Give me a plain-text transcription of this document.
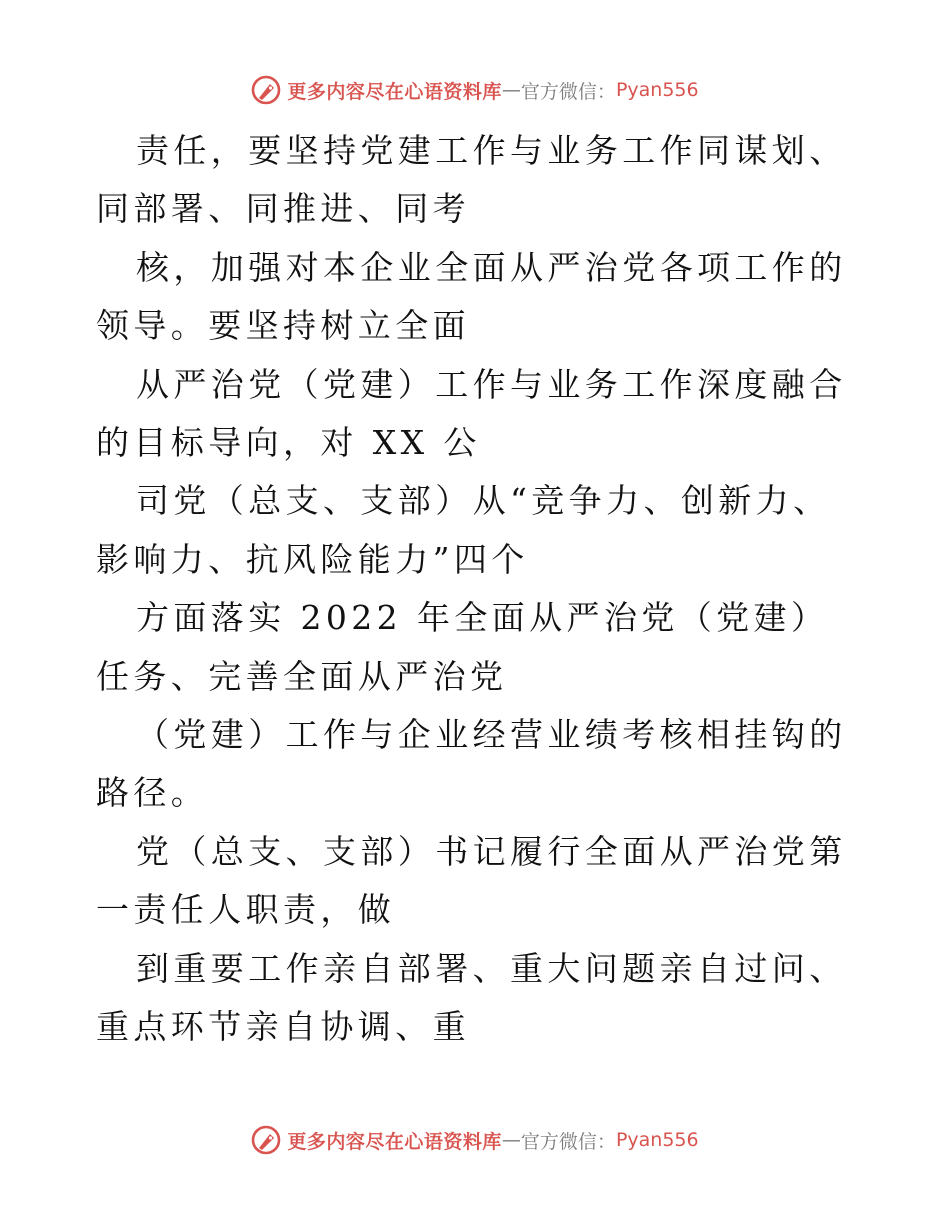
更多内容尽在心语资料库 — 官方微信： Pyan556

责任，要坚持党建工作与业务工作同谋划、同部署、同推进、同考

核，加强对本企业全面从严治党各项工作的领导。要坚持树立全面

从严治党（党建）工作与业务工作深度融合的目标导向，对 XX 公

司党（总支、支部）从“竞争力、创新力、影响力、抗风险能力”四个

方面落实 2022 年全面从严治党（党建）任务、完善全面从严治党

（党建）工作与企业经营业绩考核相挂钩的路径。

党（总支、支部）书记履行全面从严治党第一责任人职责，做

到重要工作亲自部署、重大问题亲自过问、重点环节亲自协调、重

更多内容尽在心语资料库 — 官方微信： Pyan556
